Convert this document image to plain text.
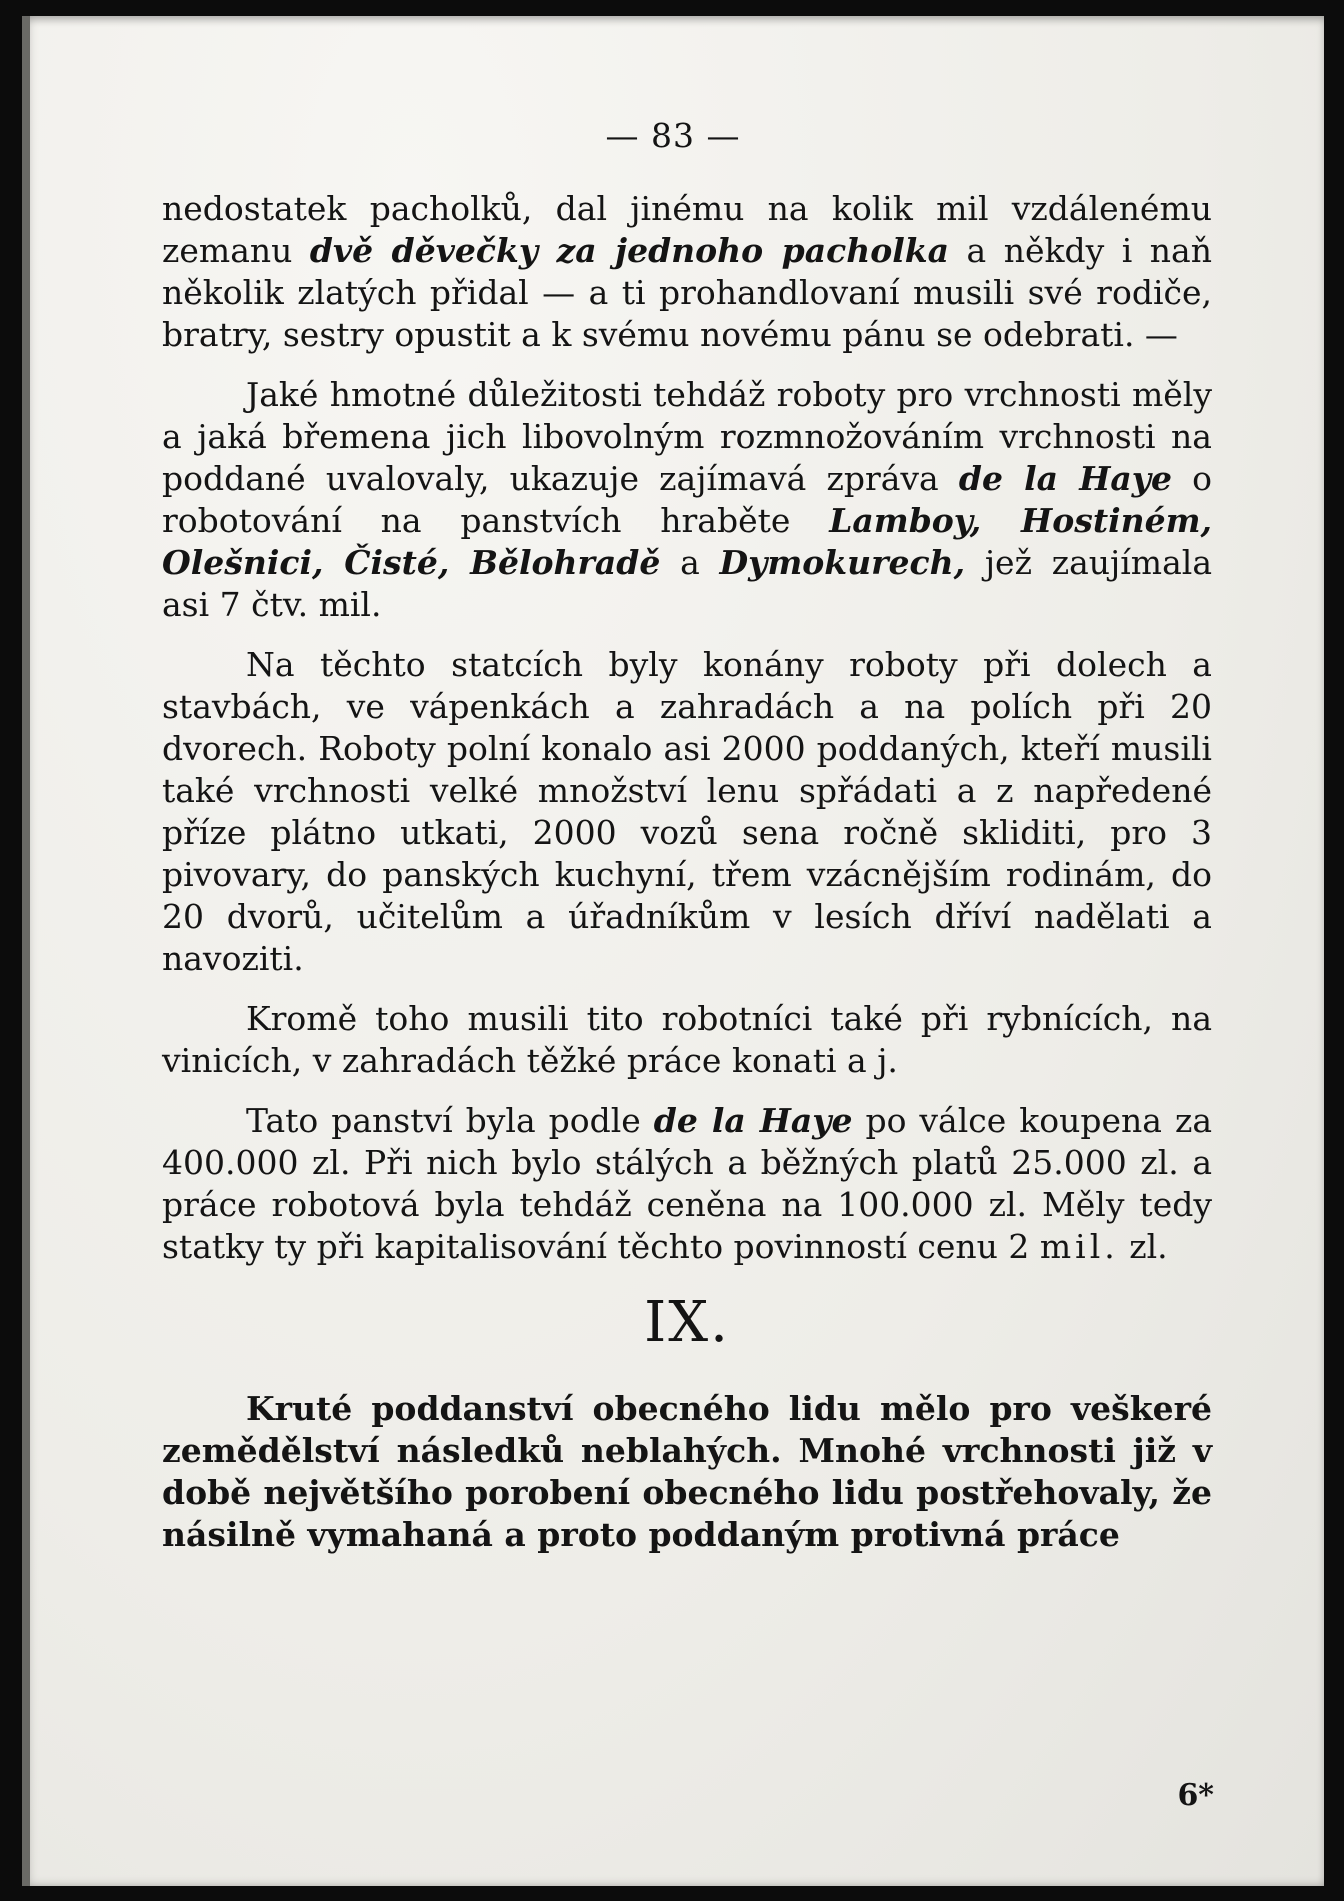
— 83 —

nedostatek pacholků, dal jinému na kolik mil vzdálenému zemanu dvě děvečky za jednoho pacholka a někdy i naň několik zlatých přidal — a ti prohandlovaní musili své rodiče, bratry, sestry opustit a k svému novému pánu se odebrati. —

Jaké hmotné důležitosti tehdáž roboty pro vrchnosti měly a jaká břemena jich libovolným rozmnožováním vrchnosti na poddané uvalovaly, ukazuje zajímavá zpráva de la Haye o robotování na panstvích hraběte Lamboy, Hostiném, Olešnici, Čisté, Bělohradě a Dymokurech, jež zaujímala asi 7 čtv. mil.

Na těchto statcích byly konány roboty při dolech a stavbách, ve vápenkách a zahradách a na polích při 20 dvorech. Roboty polní konalo asi 2000 poddaných, kteří musili také vrchnosti velké množství lenu spřádati a z napředené příze plátno utkati, 2000 vozů sena ročně skliditi, pro 3 pivovary, do panských kuchyní, třem vzácnějším rodinám, do 20 dvorů, učitelům a úřadníkům v lesích dříví nadělati a navoziti.

Kromě toho musili tito robotníci také při rybnících, na vinicích, v zahradách těžké práce konati a j.

Tato panství byla podle de la Haye po válce koupena za 400.000 zl. Při nich bylo stálých a běžných platů 25.000 zl. a práce robotová byla tehdáž ceněna na 100.000 zl. Měly tedy statky ty při kapitalisování těchto povinností cenu 2 mil. zl.

IX.

Kruté poddanství obecného lidu mělo pro veškeré zemědělství následků neblahých. Mnohé vrchnosti již v době největšího porobení obecného lidu postřehovaly, že násilně vymahaná a proto poddaným protivná práce

6*
